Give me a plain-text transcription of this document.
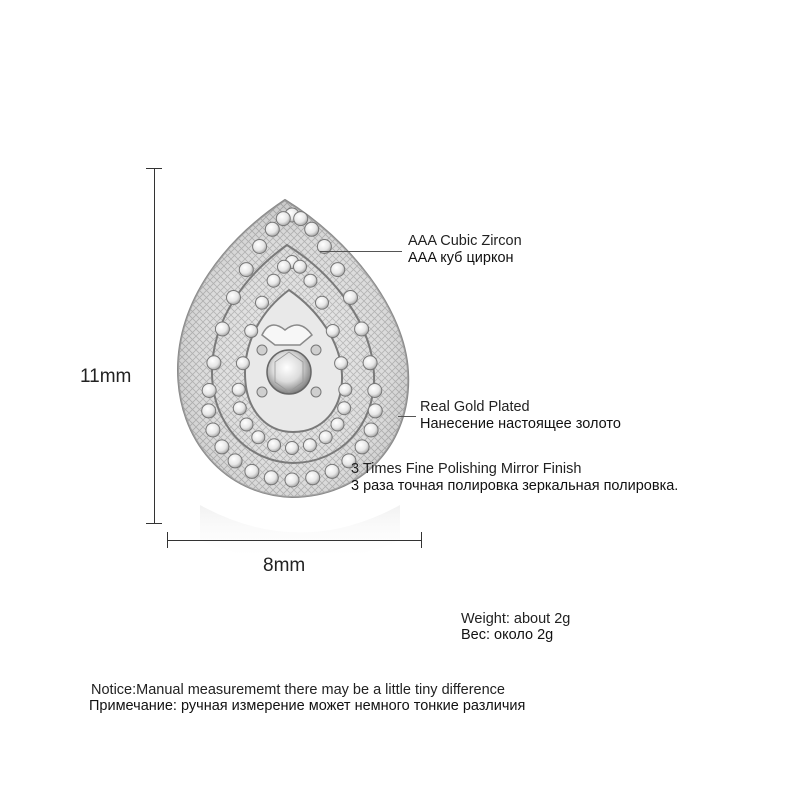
11mm
8mm
AAA Cubic Zircon
AAA куб циркон
Real Gold Plated
Нанесение настоящее золото
3 Times Fine Polishing Mirror Finish
3 раза точная полировка зеркальная полировка.
Weight: about 2g
Вес: около 2g
Notice:Manual measurememt there may be a little tiny difference
Примечание: ручная измерение может немного тонкие различия
